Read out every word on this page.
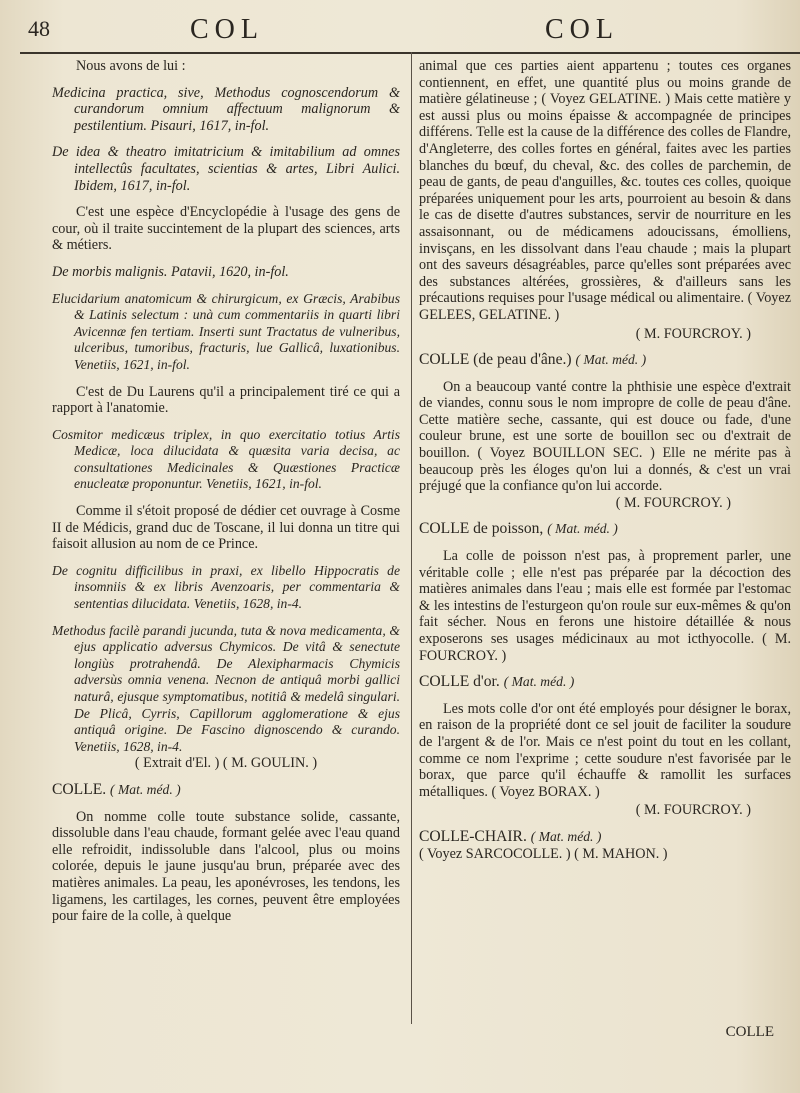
48	COL	COL

Nous avons de lui :

Medicina practica, sive, Methodus cognoscendorum & curandorum omnium affectuum malignorum & pestilentium. Pisauri, 1617, in-fol.

De idea & theatro imitatricium & imitabilium ad omnes intellectûs facultates, scientias & artes, Libri Aulici. Ibidem, 1617, in-fol.

C'est une espèce d'Encyclopédie à l'usage des gens de cour, où il traite succintement de la plupart des sciences, arts & métiers.

De morbis malignis. Patavii, 1620, in-fol.

Elucidarium anatomicum & chirurgicum, ex Græcis, Arabibus & Latinis selectum : unà cum commentariis in quarti libri Avicennæ fen tertiam. Inserti sunt Tractatus de vulneribus, ulceribus, tumoribus, fracturis, lue Gallicâ, luxationibus. Venetiis, 1621, in-fol.

C'est de Du Laurens qu'il a principalement tiré ce qui a rapport à l'anatomie.

Cosmitor medicæus triplex, in quo exercitatio totius Artis Medicæ, loca dilucidata & quæsita varia decisa, ac consultationes Medicinales & Quæstiones Practicæ enucleatæ proponuntur. Venetiis, 1621, in-fol.

Comme il s'étoit proposé de dédier cet ouvrage à Cosme II de Médicis, grand duc de Toscane, il lui donna un titre qui faisoit allusion au nom de ce Prince.

De cognitu difficilibus in praxi, ex libello Hippocratis de insomniis & ex libris Avenzoaris, per commentaria & sententias dilucidata. Venetiis, 1628, in-4.

Methodus facilè parandi jucunda, tuta & nova medicamenta, & ejus applicatio adversus Chymicos. De vitâ & senectute longiùs protrahendâ. De Alexipharmacis Chymicis adversùs omnia venena. Necnon de antiquâ morbi gallici naturâ, ejusque symptomatibus, notitiâ & medelâ singulari. De Plicâ, Cyrris, Capillorum agglomeratione & ejus antiquâ origine. De Fascino dignoscendo & curando. Venetiis, 1628, in-4.

( Extrait d'El. ) ( M. GOULIN. )

COLLE. ( Mat. méd. )

On nomme colle toute substance solide, cassante, dissoluble dans l'eau chaude, formant gelée avec l'eau quand elle refroidit, indissoluble dans l'alcool, plus ou moins colorée, depuis le jaune jusqu'au brun, préparée avec des matières animales. La peau, les aponévroses, les tendons, les ligamens, les cartilages, les cornes, peuvent être employées pour faire de la colle, à quelque

animal que ces parties aient appartenu ; toutes ces organes contiennent, en effet, une quantité plus ou moins grande de matière gélatineuse ; ( Voyez GELATINE. ) Mais cette matière y est aussi plus ou moins épaisse & accompagnée de principes différens. Telle est la cause de la différence des colles de Flandre, d'Angleterre, des colles fortes en général, faites avec les parties blanches du bœuf, du cheval, &c. des colles de parchemin, de peau de gants, de peau d'anguilles, &c. toutes ces colles, quoique préparées uniquement pour les arts, pourroient au besoin & dans le cas de disette d'autres substances, servir de nourriture en les assaisonnant, ou de médicamens adoucissans, émolliens, invisçans, en les dissolvant dans l'eau chaude ; mais la plupart ont des saveurs désagréables, parce qu'elles sont préparées avec des substances altérées, grossières, & d'ailleurs sans les précautions requises pour l'usage médical ou alimentaire. ( Voyez GELEES, GELATINE. )

( M. FOURCROY. )

COLLE (de peau d'âne.) ( Mat. méd. )

On a beaucoup vanté contre la phthisie une espèce d'extrait de viandes, connu sous le nom impropre de colle de peau d'âne. Cette matière seche, cassante, qui est douce ou fade, d'une couleur brune, est une sorte de bouillon sec ou d'extrait de bouillon. ( Voyez BOUILLON SEC. ) Elle ne mérite pas à beaucoup près les éloges qu'on lui a donnés, & c'est un vrai préjugé que la confiance qu'on lui accorde.

( M. FOURCROY. )

COLLE de poisson, ( Mat. méd. )

La colle de poisson n'est pas, à proprement parler, une véritable colle ; elle n'est pas préparée par la décoction des matières animales dans l'eau ; mais elle est formée par l'estomac & les intestins de l'esturgeon qu'on roule sur eux-mêmes & qu'on fait sécher. Nous en ferons une histoire détaillée & nous exposerons ses usages médicinaux au mot icthyocolle. ( M. FOURCROY. )

COLLE d'or. ( Mat. méd. )

Les mots colle d'or ont été employés pour désigner le borax, en raison de la propriété dont ce sel jouit de faciliter la soudure de l'argent & de l'or. Mais ce n'est point du tout en les collant, comme ce nom l'exprime ; cette soudure n'est favorisée par le borax, que parce qu'il échauffe & ramollit les surfaces métalliques. ( Voyez BORAX. )

( M. FOURCROY. )

COLLE-CHAIR. ( Mat. méd. )

( Voyez SARCOCOLLE. ) ( M. MAHON. )

COLLE
